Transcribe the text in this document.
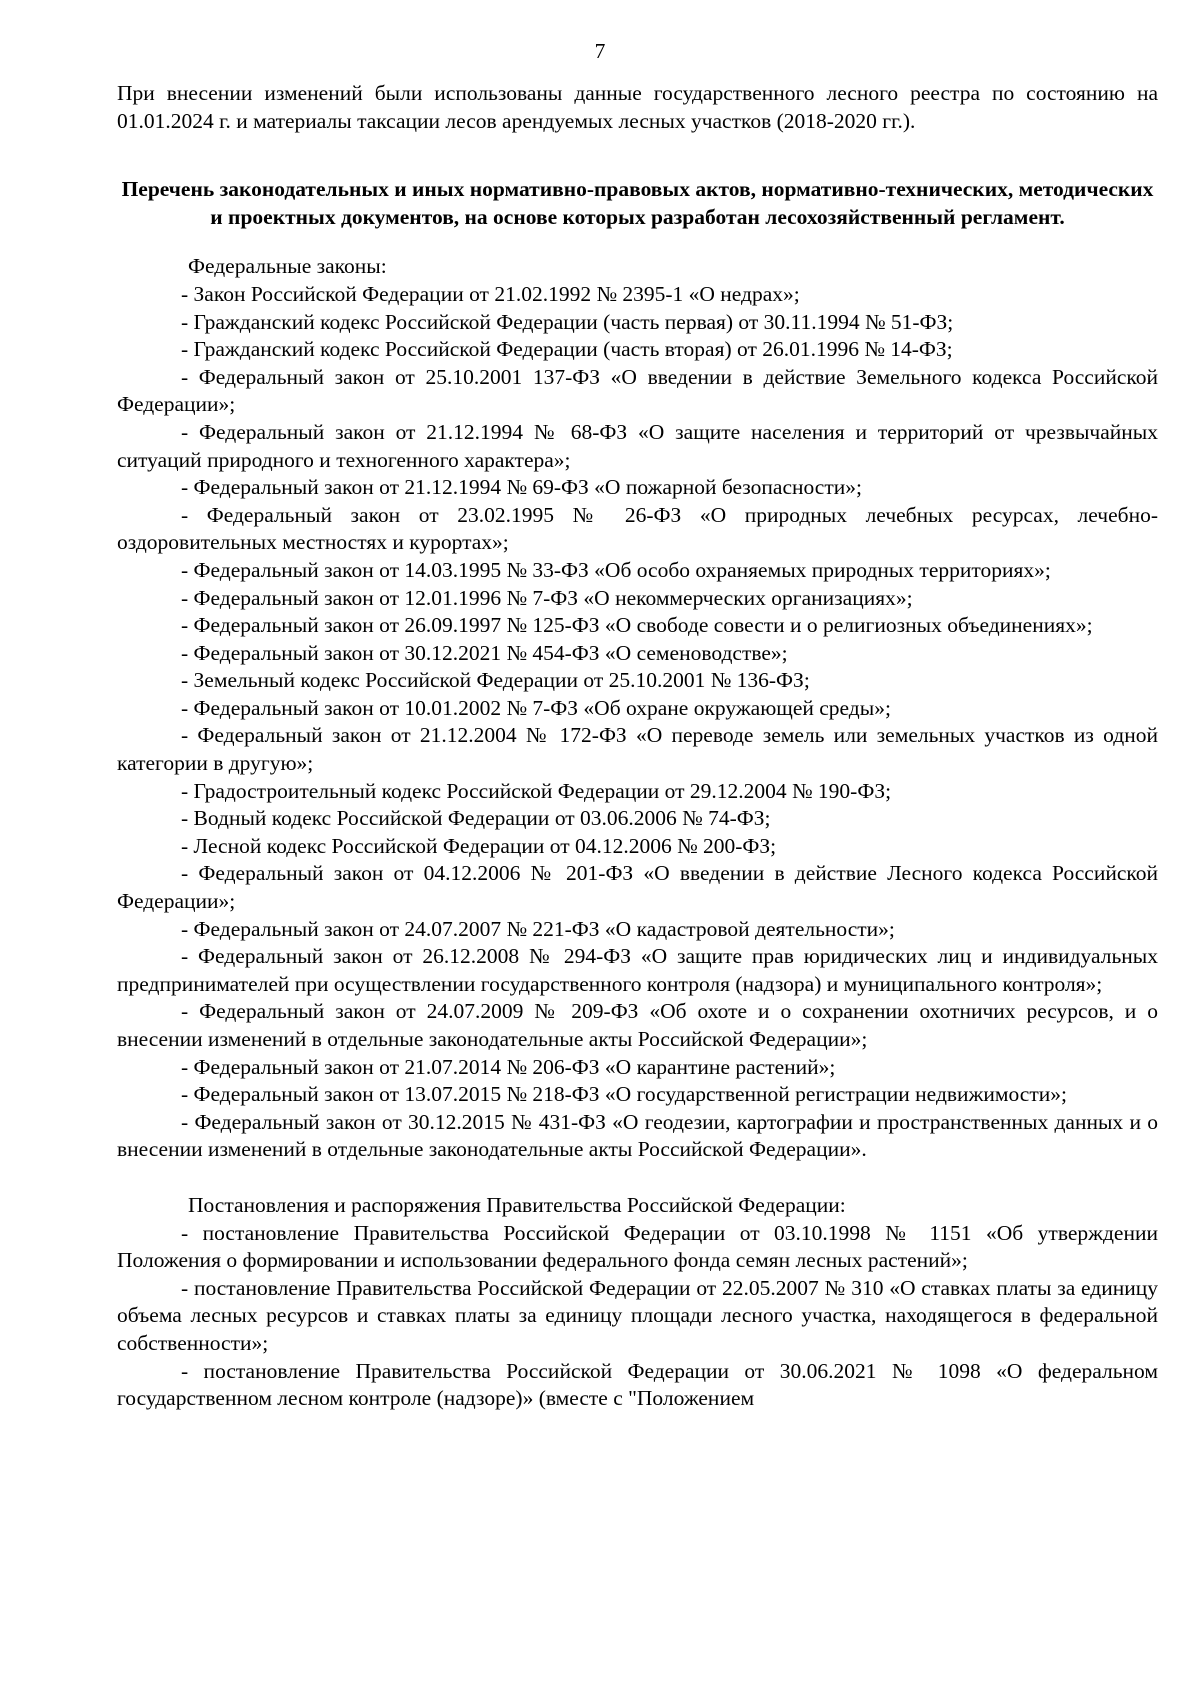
7

При внесении изменений были использованы данные государственного лесного реестра по состоянию на 01.01.2024 г. и материалы таксации лесов арендуемых лесных участков (2018-2020 гг.).

Перечень законодательных и иных нормативно-правовых актов, нормативно-технических, методических и проектных документов, на основе которых разработан лесохозяйственный регламент.

Федеральные законы:

- Закон Российской Федерации от 21.02.1992 № 2395-1 «О недрах»;

- Гражданский кодекс Российской Федерации (часть первая) от 30.11.1994 № 51-ФЗ;

- Гражданский кодекс Российской Федерации (часть вторая) от 26.01.1996 № 14-ФЗ;

- Федеральный закон от 25.10.2001 137-ФЗ «О введении в действие Земельного кодекса Российской Федерации»;

- Федеральный закон от 21.12.1994 № 68-ФЗ «О защите населения и территорий от чрезвычайных ситуаций природного и техногенного характера»;

- Федеральный закон от 21.12.1994 № 69-ФЗ «О пожарной безопасности»;

- Федеральный закон от 23.02.1995 № 26-ФЗ «О природных лечебных ресурсах, лечебно-оздоровительных местностях и курортах»;

- Федеральный закон от 14.03.1995 № 33-ФЗ «Об особо охраняемых природных территориях»;

- Федеральный закон от 12.01.1996 № 7-ФЗ «О некоммерческих организациях»;

- Федеральный закон от 26.09.1997 № 125-ФЗ «О свободе совести и о религиозных объединениях»;

- Федеральный закон от 30.12.2021 № 454-ФЗ «О семеноводстве»;

- Земельный кодекс Российской Федерации от 25.10.2001 № 136-ФЗ;

- Федеральный закон от 10.01.2002 № 7-ФЗ «Об охране окружающей среды»;

- Федеральный закон от 21.12.2004 № 172-ФЗ «О переводе земель или земельных участков из одной категории в другую»;

- Градостроительный кодекс Российской Федерации от 29.12.2004 № 190-ФЗ;

- Водный кодекс Российской Федерации от 03.06.2006 № 74-ФЗ;

- Лесной кодекс Российской Федерации от 04.12.2006 № 200-ФЗ;

- Федеральный закон от 04.12.2006 № 201-ФЗ «О введении в действие Лесного кодекса Российской Федерации»;

- Федеральный закон от 24.07.2007 № 221-ФЗ «О кадастровой деятельности»;

- Федеральный закон от 26.12.2008 № 294-ФЗ «О защите прав юридических лиц и индивидуальных предпринимателей при осуществлении государственного контроля (надзора) и муниципального контроля»;

- Федеральный закон от 24.07.2009 № 209-ФЗ «Об охоте и о сохранении охотничих ресурсов, и о внесении изменений в отдельные законодательные акты Российской Федерации»;

- Федеральный закон от 21.07.2014 № 206-ФЗ «О карантине растений»;

- Федеральный закон от 13.07.2015 № 218-ФЗ «О государственной регистрации недвижимости»;

- Федеральный закон от 30.12.2015 № 431-ФЗ «О геодезии, картографии и пространственных данных и о внесении изменений в отдельные законодательные акты Российской Федерации».

Постановления и распоряжения Правительства Российской Федерации:

- постановление Правительства Российской Федерации от 03.10.1998 № 1151 «Об утверждении Положения о формировании и использовании федерального фонда семян лесных растений»;

- постановление Правительства Российской Федерации от 22.05.2007 № 310 «О ставках платы за единицу объема лесных ресурсов и ставках платы за единицу площади лесного участка, находящегося в федеральной собственности»;

- постановление Правительства Российской Федерации от 30.06.2021 № 1098 «О федеральном государственном лесном контроле (надзоре)» (вместе с "Положением
